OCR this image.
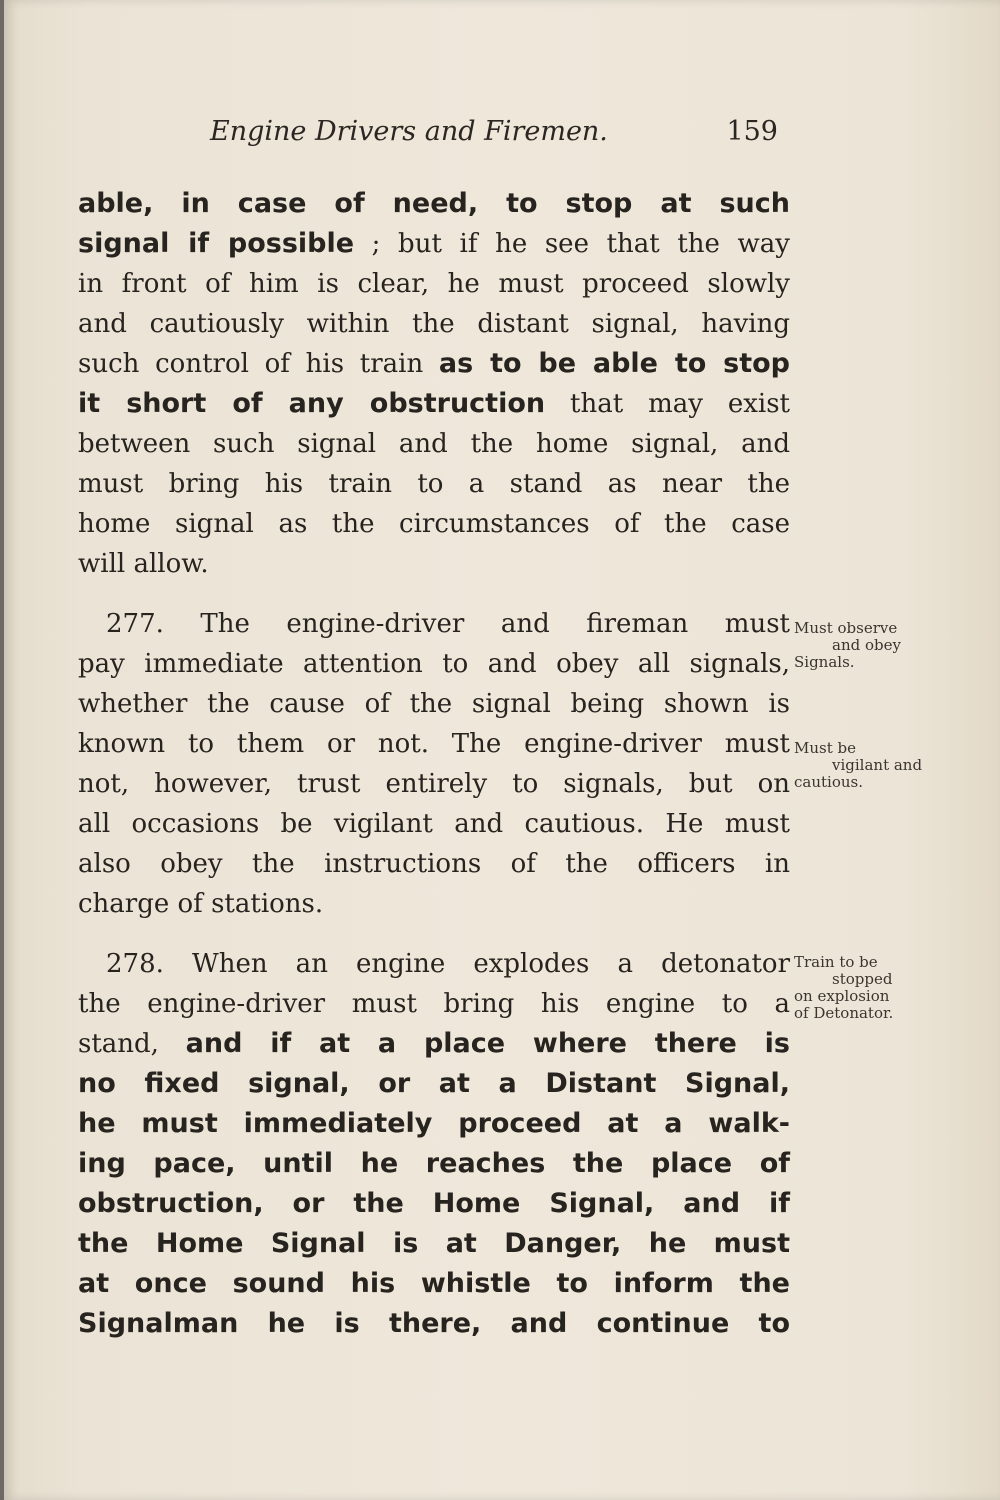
Engine Drivers and Firemen.	159
able, in case of need, to stop at such
signal if possible ; but if he see that the way
in front of him is clear, he must proceed slowly
and cautiously within the distant signal, having
such control of his train as to be able to stop
it short of any obstruction that may exist
between such signal and the home signal, and
must bring his train to a stand as near the
home signal as the circumstances of the case
will allow.
277. The engine-driver and fireman must
pay immediate attention to and obey all signals,
whether the cause of the signal being shown is
known to them or not. The engine-driver must
not, however, trust entirely to signals, but on
all occasions be vigilant and cautious. He must
also obey the instructions of the officers in
charge of stations.
278. When an engine explodes a detonator
the engine-driver must bring his engine to a
stand, and if at a place where there is
no fixed signal, or at a Distant Signal,
he must immediately proceed at a walk-
ing pace, until he reaches the place of
obstruction, or the Home Signal, and if
the Home Signal is at Danger, he must
at once sound his whistle to inform the
Signalman he is there, and continue to
Must observe
and obey
Signals.
Must be
vigilant and
cautious.
Train to be
stopped
on explosion
of Detonator.
